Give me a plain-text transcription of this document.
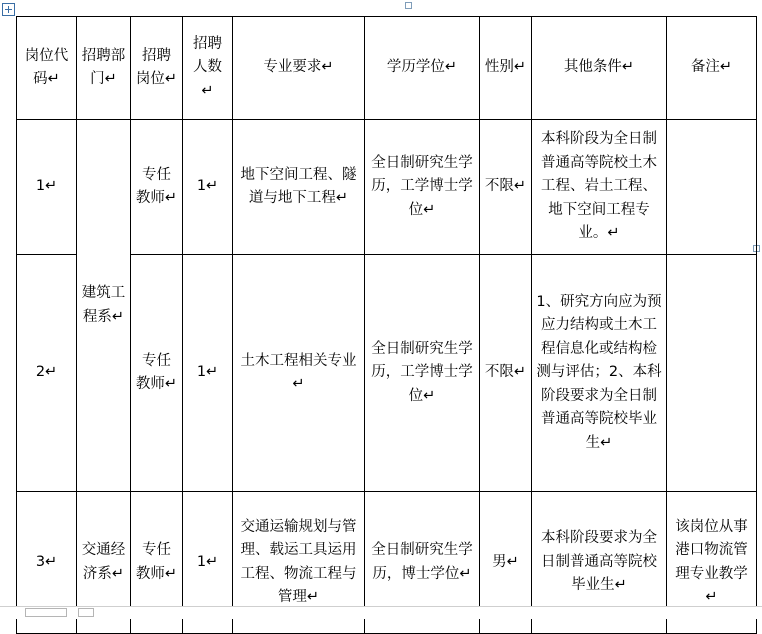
岗位代码↵	招聘部门↵	招聘岗位↵	招聘人数↵	专业要求↵	学历学位↵	性别↵	其他条件↵	备注↵
1↵	建筑工程系↵	专任教师↵	1↵	地下空间工程、隧道与地下工程↵	全日制研究生学历，工学博士学位↵	不限↵	本科阶段为全日制普通高等院校土木工程、岩土工程、地下空间工程专业。↵	
2↵		专任教师↵	1↵	土木工程相关专业↵	全日制研究生学历，工学博士学位↵	不限↵	1、研究方向应为预应力结构或土木工程信息化或结构检测与评估；2、本科阶段要求为全日制普通高等院校毕业生↵	
3↵	交通经济系↵	专任教师↵	1↵	交通运输规划与管理、载运工具运用工程、物流工程与管理↵	全日制研究生学历，博士学位↵	男↵	本科阶段要求为全日制普通高等院校毕业生↵	该岗位从事港口物流管理专业教学↵
